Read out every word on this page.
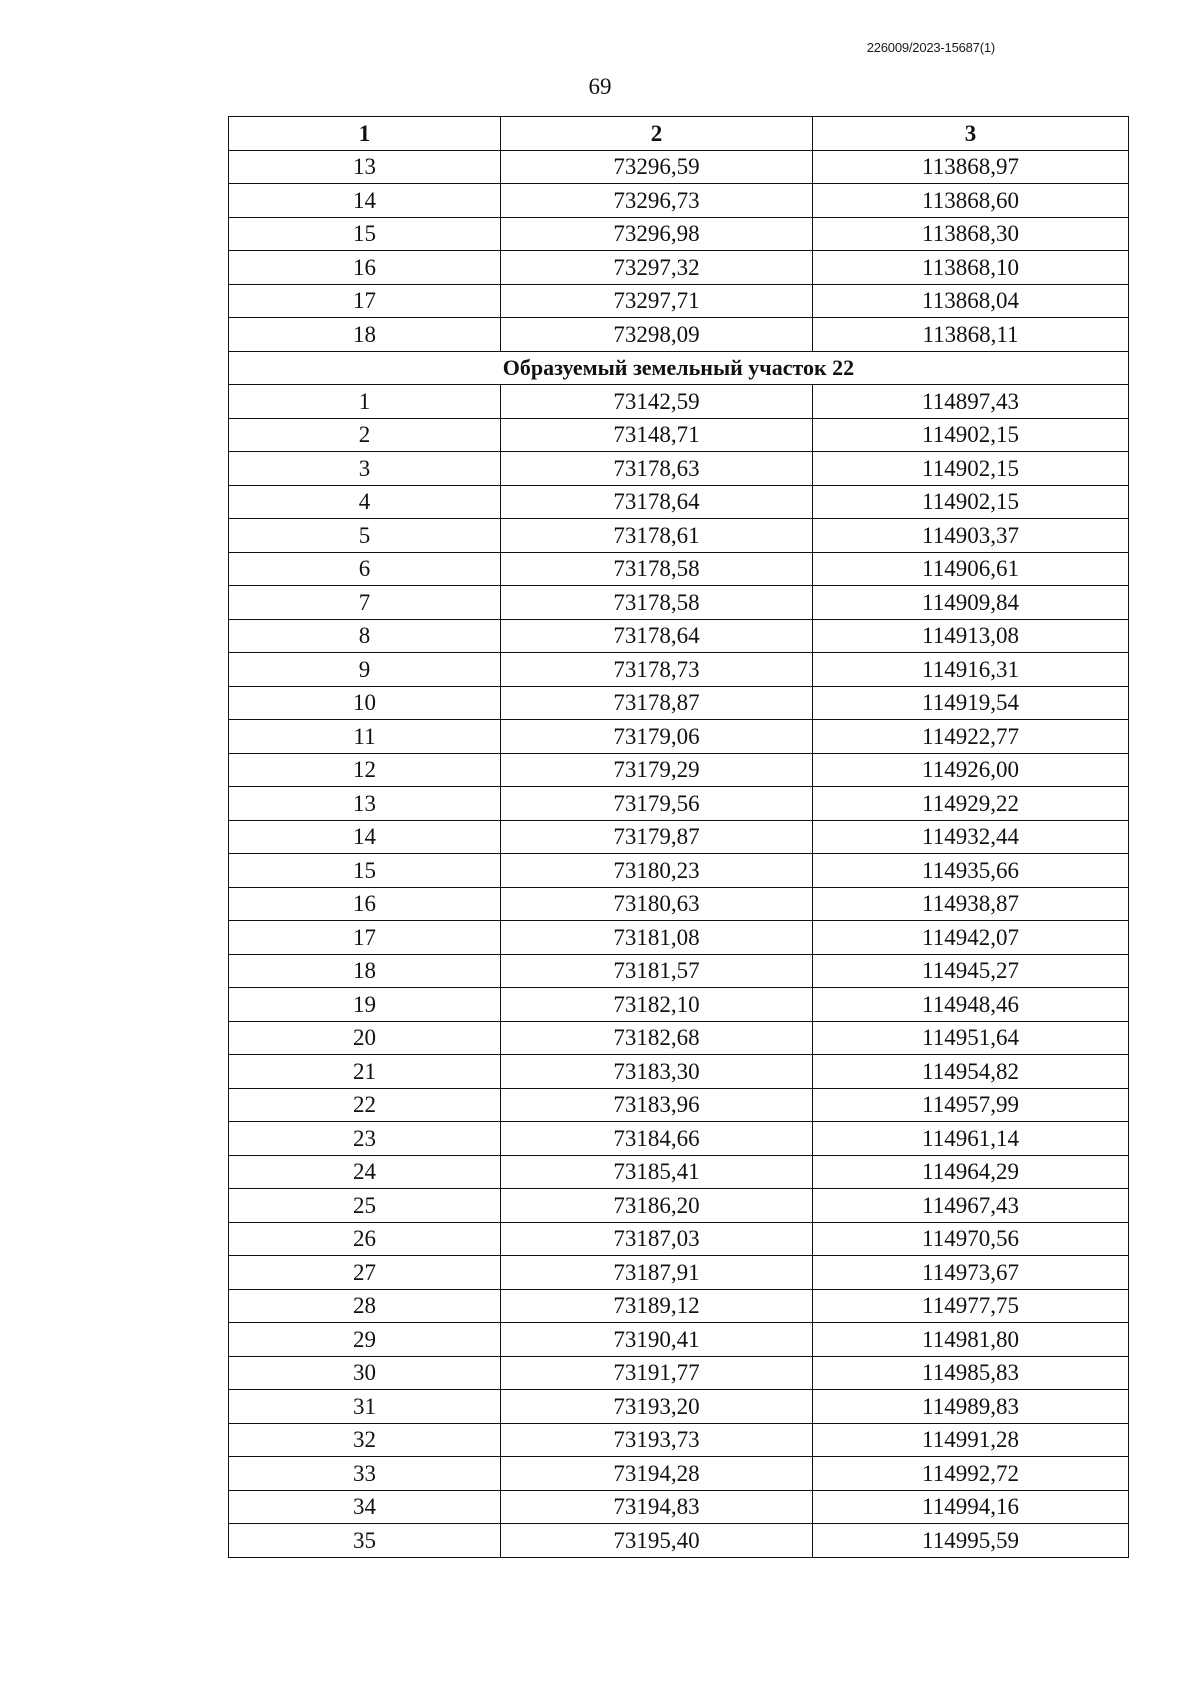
226009/2023-15687(1)
69
1	2	3
13	73296,59	113868,97
14	73296,73	113868,60
15	73296,98	113868,30
16	73297,32	113868,10
17	73297,71	113868,04
18	73298,09	113868,11
Образуемый земельный участок 22		
1	73142,59	114897,43
2	73148,71	114902,15
3	73178,63	114902,15
4	73178,64	114902,15
5	73178,61	114903,37
6	73178,58	114906,61
7	73178,58	114909,84
8	73178,64	114913,08
9	73178,73	114916,31
10	73178,87	114919,54
11	73179,06	114922,77
12	73179,29	114926,00
13	73179,56	114929,22
14	73179,87	114932,44
15	73180,23	114935,66
16	73180,63	114938,87
17	73181,08	114942,07
18	73181,57	114945,27
19	73182,10	114948,46
20	73182,68	114951,64
21	73183,30	114954,82
22	73183,96	114957,99
23	73184,66	114961,14
24	73185,41	114964,29
25	73186,20	114967,43
26	73187,03	114970,56
27	73187,91	114973,67
28	73189,12	114977,75
29	73190,41	114981,80
30	73191,77	114985,83
31	73193,20	114989,83
32	73193,73	114991,28
33	73194,28	114992,72
34	73194,83	114994,16
35	73195,40	114995,59
